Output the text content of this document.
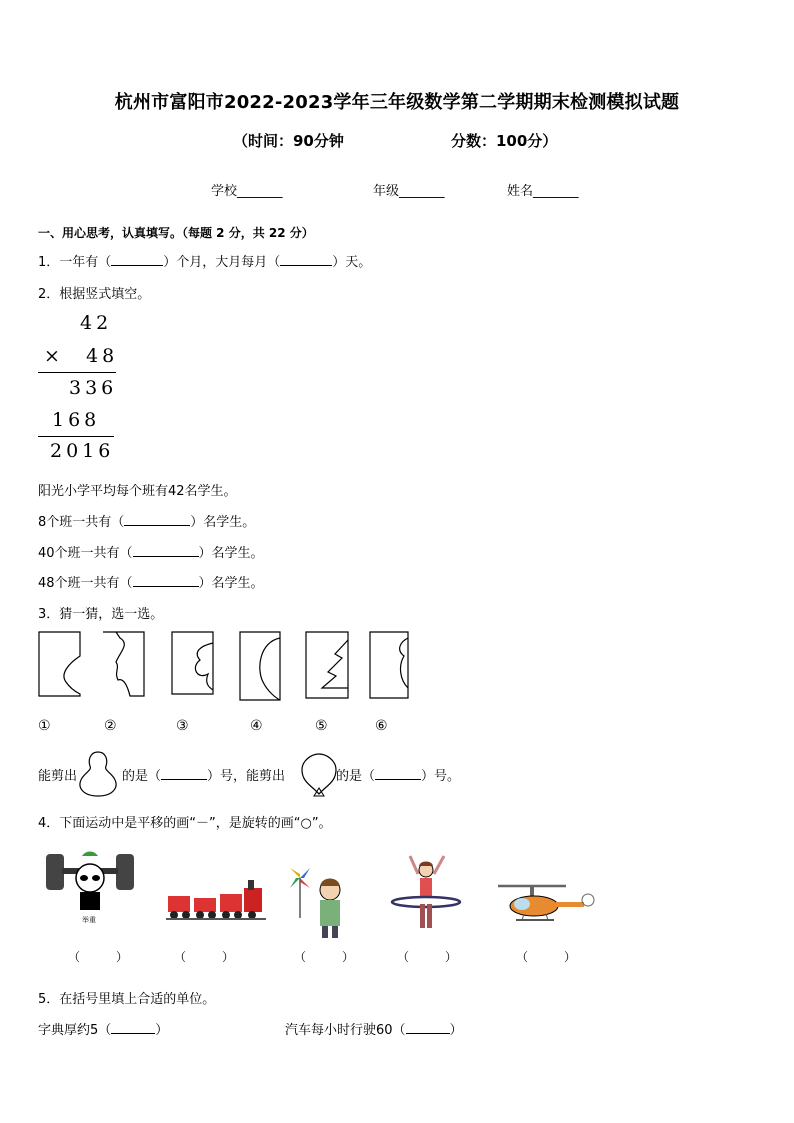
杭州市富阳市2022-2023学年三年级数学第二学期期末检测模拟试题
（时间：90分钟	分数：100分）
学校_______	年级_______	姓名_______
一、用心思考，认真填写。（每题 2 分，共 22 分）
1．一年有（	）个月，大月每月（	）天。
2．根据竖式填空。
42
× 48
336
168
2016
阳光小学平均每个班有42名学生。
8个班一共有（	）名学生。
40个班一共有（	）名学生。
48个班一共有（	）名学生。
3．猜一猜，选一选。
①	②	③	④	⑤	⑥
能剪出	的是（	）号，能剪出	的是（	）号。
4．下面运动中是平移的画“－”，是旋转的画“○”。
举重
（　　　）	（　　　）	（　　　）	（　　　）	（　　　）
5．在括号里填上合适的单位。
字典厚约5（	）	汽车每小时行驶60（	）
